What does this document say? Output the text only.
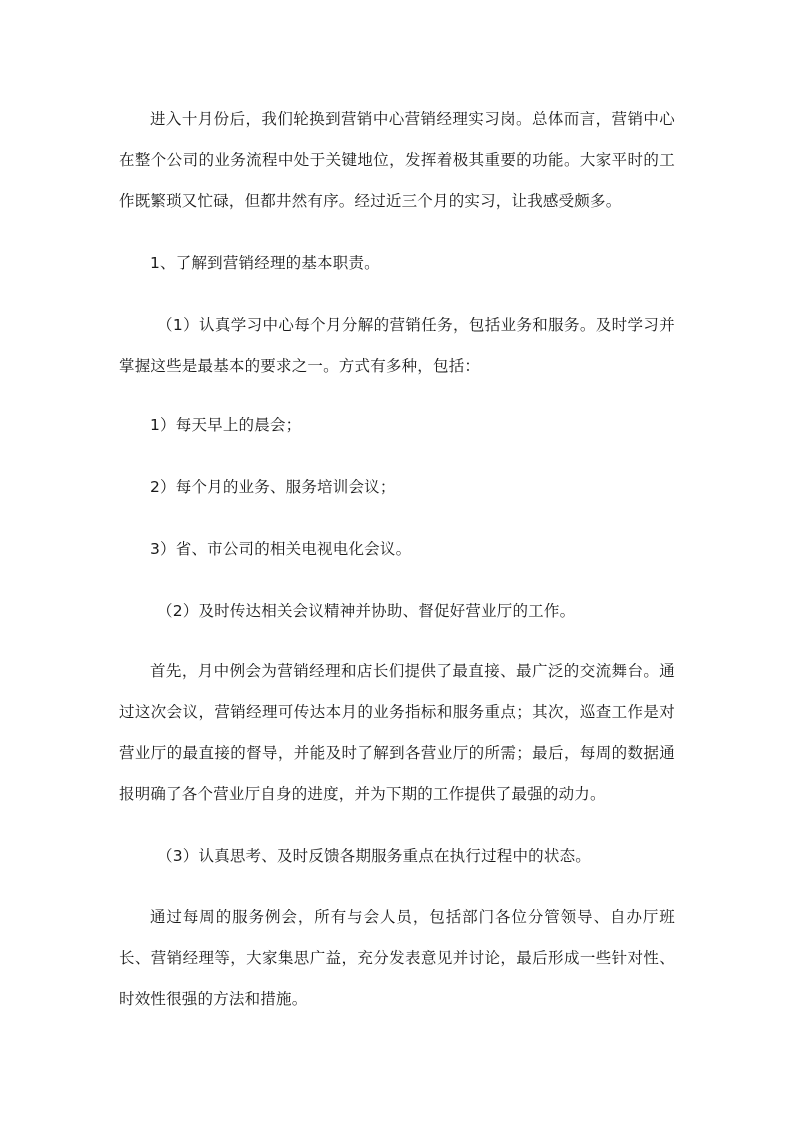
进入十月份后，我们轮换到营销中心营销经理实习岗。总体而言，营销中心在整个公司的业务流程中处于关键地位，发挥着极其重要的功能。大家平时的工作既繁琐又忙碌，但都井然有序。经过近三个月的实习，让我感受颇多。

1、了解到营销经理的基本职责。

（1）认真学习中心每个月分解的营销任务，包括业务和服务。及时学习并掌握这些是最基本的要求之一。方式有多种，包括：

1）每天早上的晨会；

2）每个月的业务、服务培训会议；

3）省、市公司的相关电视电化会议。

（2）及时传达相关会议精神并协助、督促好营业厅的工作。

首先，月中例会为营销经理和店长们提供了最直接、最广泛的交流舞台。通过这次会议，营销经理可传达本月的业务指标和服务重点；其次，巡查工作是对营业厅的最直接的督导，并能及时了解到各营业厅的所需；最后，每周的数据通报明确了各个营业厅自身的进度，并为下期的工作提供了最强的动力。

（3）认真思考、及时反馈各期服务重点在执行过程中的状态。

通过每周的服务例会，所有与会人员，包括部门各位分管领导、自办厅班长、营销经理等，大家集思广益，充分发表意见并讨论，最后形成一些针对性、时效性很强的方法和措施。
